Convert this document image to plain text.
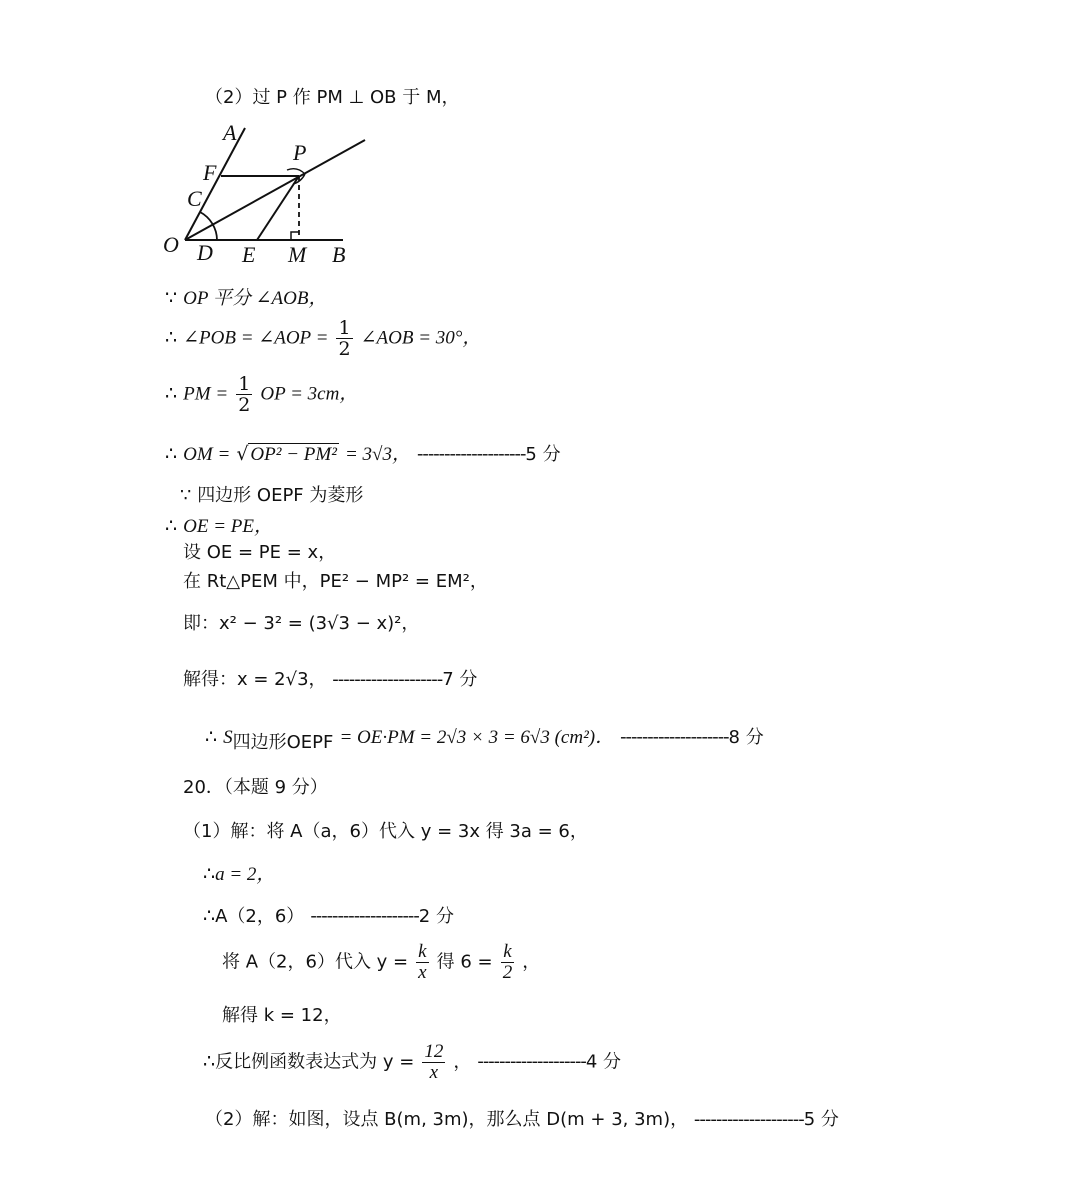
（2）过 P 作 PM ⊥ OB 于 M，
A
P
F
C
O D E M B
∵ OP 平分 ∠AOB，
∴ ∠POB = ∠AOP = $\frac{1}{2}$ ∠AOB = 30°，
∴ PM = $\frac{1}{2}$ OP = 3cm，
∴ OM = √ OP² − PM² = 3√3， --------------------5 分
∵ 四边形 OEPF 为菱形
∴ OE = PE，
设 OE = PE = x，
在 Rt△PEM 中，PE² − MP² = EM²，
即：x² − 3² = (3√3 − x)²，
解得：x = 2√3， --------------------7 分
∴ $S_{四边形OEPF} = OE\cdot PM = 2√3 \times 3 = 6√3$ (cm²)． --------------------8 分
20．（本题 9 分）
（1）解：将 A（a，6）代入 y = 3x 得 3a = 6，
∴a = 2，
∴A（2，6） --------------------2 分
将 A（2，6）代入 $y = \frac{k}{x}$ 得 $6 = \frac{k}{2}$ ，
解得 k = 12，
∴反比例函数表达式为 $y = \frac{12}{x}$ ， --------------------4 分
（2）解：如图，设点 B(m, 3m)，那么点 D(m + 3, 3m)， --------------------5 分
